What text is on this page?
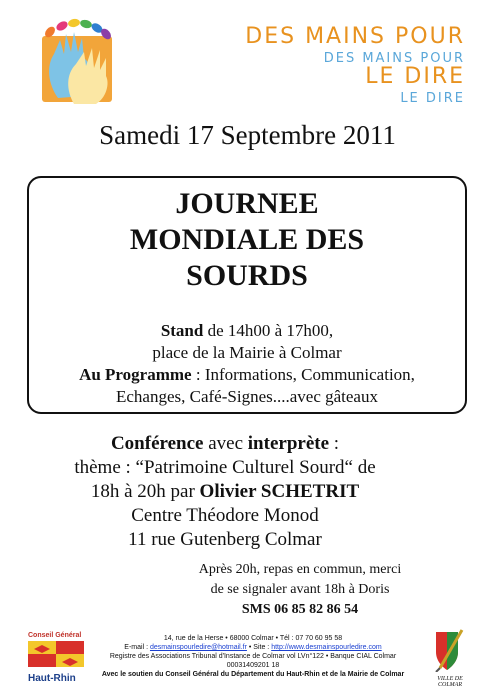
DES MAINS POUR
DES MAINS POUR
LE DIRE
LE DIRE
Samedi 17 Septembre 2011
JOURNEE
MONDIALE DES
SOURDS
Stand de 14h00 à 17h00,
place de la Mairie à Colmar
Au Programme : Informations, Communication,
Echanges, Café-Signes....avec gâteaux
Conférence avec interprète :
thème : “Patrimoine Culturel Sourd“ de
18h à 20h par Olivier SCHETRIT
Centre Théodore Monod
11 rue Gutenberg Colmar
Après 20h, repas en commun, merci
de se signaler avant 18h à Doris
SMS 06 85 82 86 54
Conseil Général
Haut-Rhin
14, rue de la Herse • 68000 Colmar • Tél : 07 70 60 95 58
E-mail : desmainspourledire@hotmail.fr • Site : http://www.desmainspourledire.com
Registre des Associations Tribunal d'Instance de Colmar vol LVn°122 • Banque CIAL Colmar
00031409201 18
Avec le soutien du Conseil Général du Département du Haut-Rhin et de la Mairie de Colmar
VILLE DE
COLMAR
